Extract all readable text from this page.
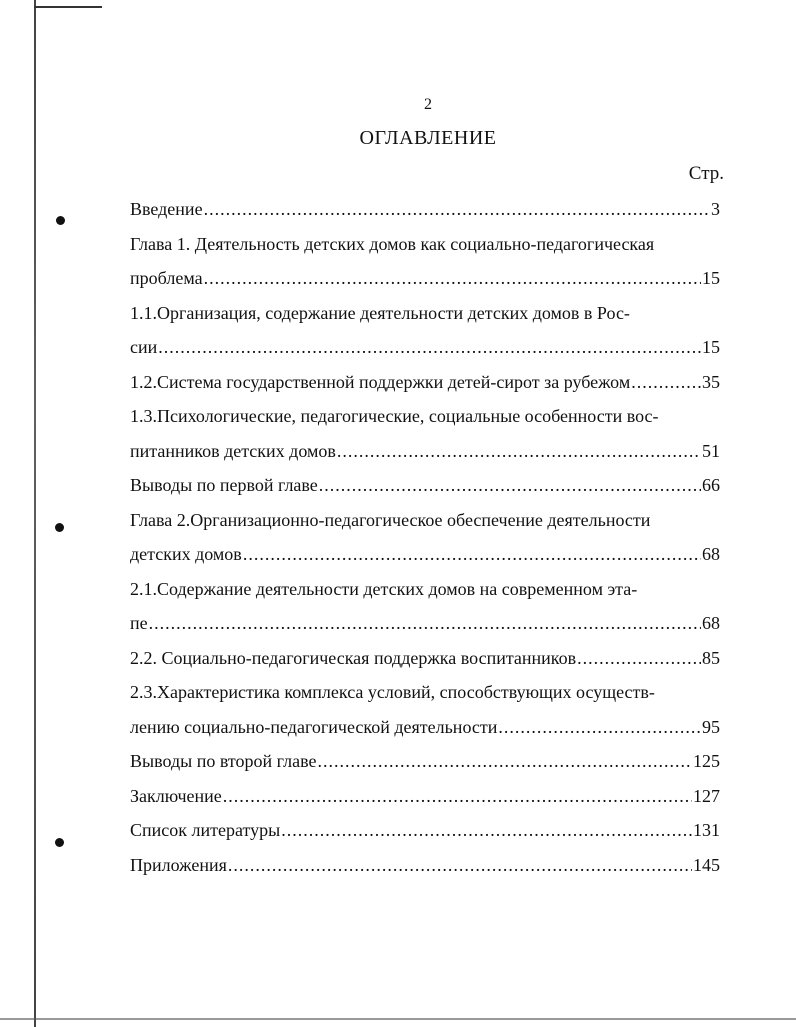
2
ОГЛАВЛЕНИЕ
Стр.
Введение .....	3
Глава 1. Деятельность детских домов как социально-педагогическая
проблема .....	15
1.1.Организация, содержание деятельности детских домов в Рос-
сии .....	15
1.2.Система государственной поддержки детей-сирот за рубежом .....	35
1.3.Психологические, педагогические, социальные особенности вос-
питанников детских домов .....	51
Выводы по первой главе .....	66
Глава 2.Организационно-педагогическое обеспечение деятельности
детских домов .....	68
2.1.Содержание деятельности детских домов на современном эта-
пе .....	68
2.2. Социально-педагогическая поддержка воспитанников .....	85
2.3.Характеристика комплекса условий, способствующих осуществ-
лению социально-педагогической деятельности .....	95
Выводы по второй главе .....	125
Заключение .....	127
Список литературы .....	131
Приложения .....	145
